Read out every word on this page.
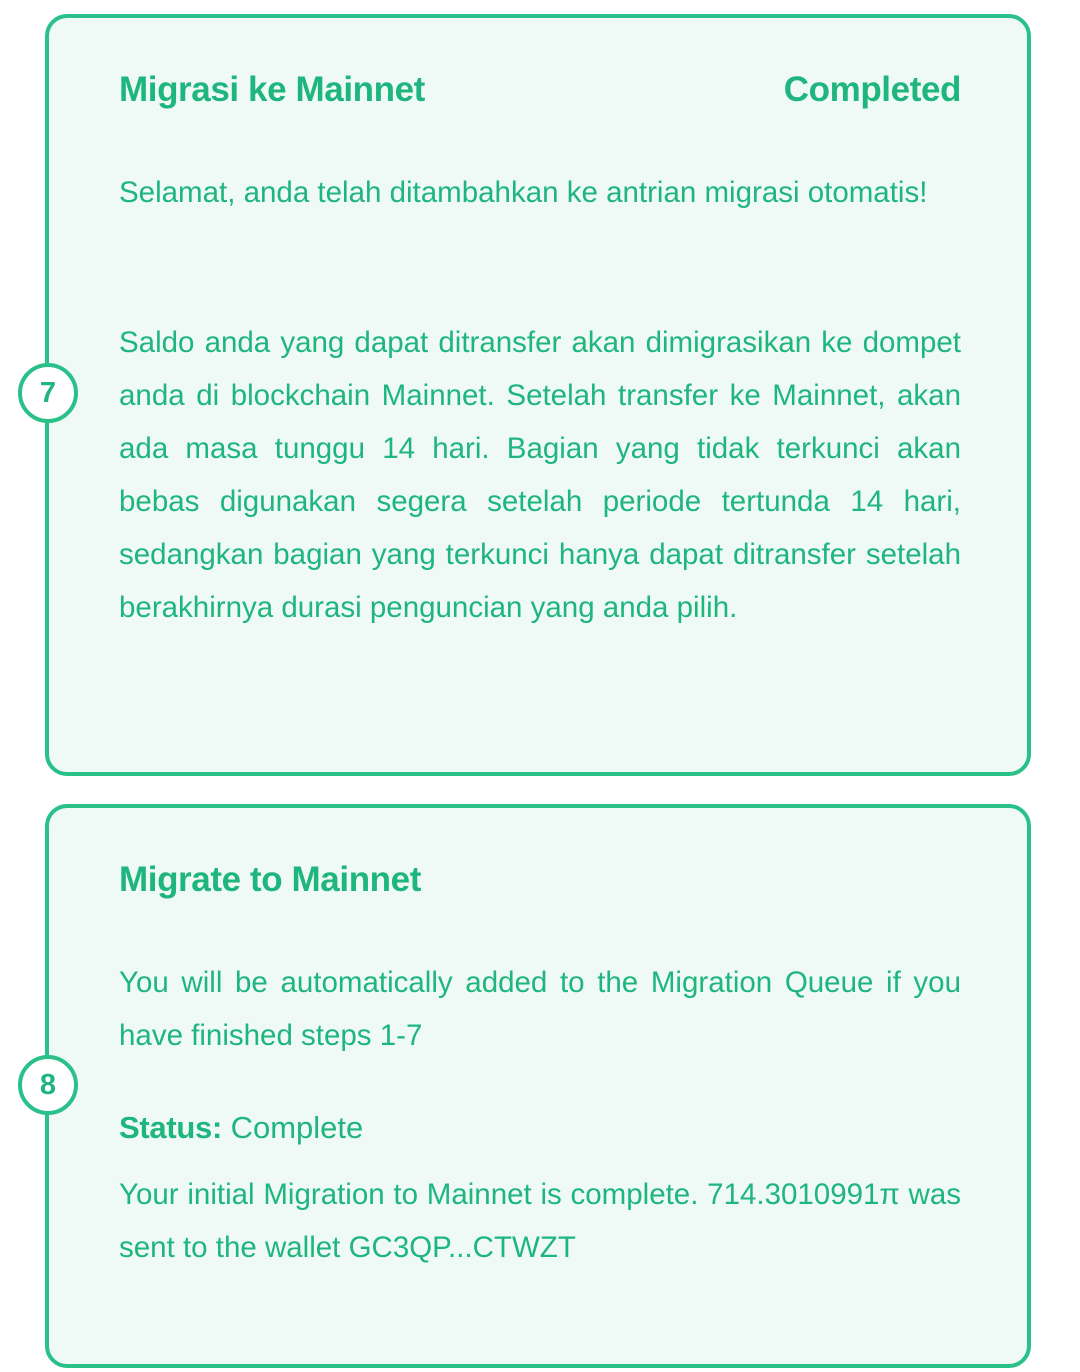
Migrasi ke Mainnet	Completed

Selamat, anda telah ditambahkan ke antrian migrasi otomatis!

Saldo anda yang dapat ditransfer akan dimigrasikan ke dompet anda di blockchain Mainnet. Setelah transfer ke Mainnet, akan ada masa tunggu 14 hari. Bagian yang tidak terkunci akan bebas digunakan segera setelah periode tertunda 14 hari, sedangkan bagian yang terkunci hanya dapat ditransfer setelah berakhirnya durasi penguncian yang anda pilih.

7
Migrate to Mainnet

You will be automatically added to the Migration Queue if you have finished steps 1-7

Status: Complete

Your initial Migration to Mainnet is complete. 714.3010991π was sent to the wallet GC3QP...CTWZT

8
